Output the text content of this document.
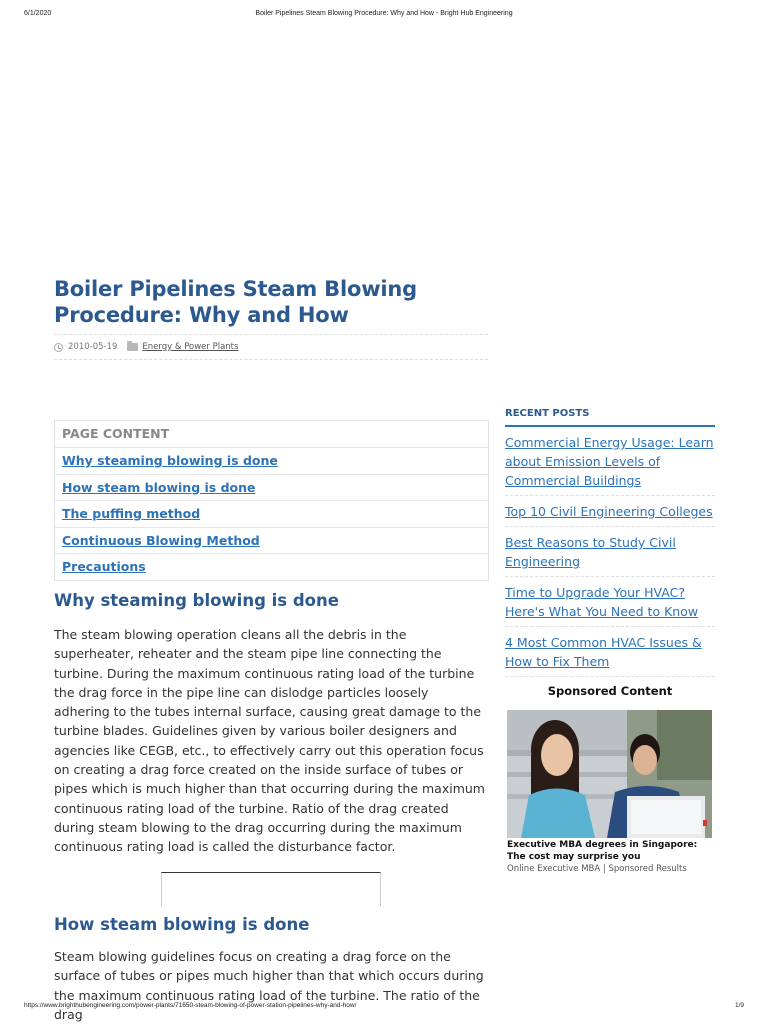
6/1/2020	Boiler Pipelines Steam Blowing Procedure: Why and How - Bright Hub Engineering
Boiler Pipelines Steam Blowing Procedure: Why and How
2010-05-19	Energy & Power Plants
PAGE CONTENT
Why steaming blowing is done
How steam blowing is done
The puffing method
Continuous Blowing Method
Precautions
Why steaming blowing is done

The steam blowing operation cleans all the debris in the superheater, reheater and the steam pipe line connecting the turbine. During the maximum continuous rating load of the turbine the drag force in the pipe line can dislodge particles loosely adhering to the tubes internal surface, causing great damage to the turbine blades. Guidelines given by various boiler designers and agencies like CEGB, etc., to effectively carry out this operation focus on creating a drag force created on the inside surface of tubes or pipes which is much higher than that occurring during the maximum continuous rating load of the turbine. Ratio of the drag created during steam blowing to the drag occurring during the maximum continuous rating load is called the disturbance factor.

How steam blowing is done

Steam blowing guidelines focus on creating a drag force on the surface of tubes or pipes much higher than that which occurs during the maximum continuous rating load of the turbine. The ratio of the drag

RECENT POSTS
Commercial Energy Usage: Learn about Emission Levels of Commercial Buildings
Top 10 Civil Engineering Colleges
Best Reasons to Study Civil Engineering
Time to Upgrade Your HVAC? Here's What You Need to Know
4 Most Common HVAC Issues & How to Fix Them
Sponsored Content
Executive MBA degrees in Singapore: The cost may surprise you
Online Executive MBA | Sponsored Results
https://www.brighthubengineering.com/power-plants/71650-steam-blowing-of-power-station-pipelines-why-and-how/	1/9
